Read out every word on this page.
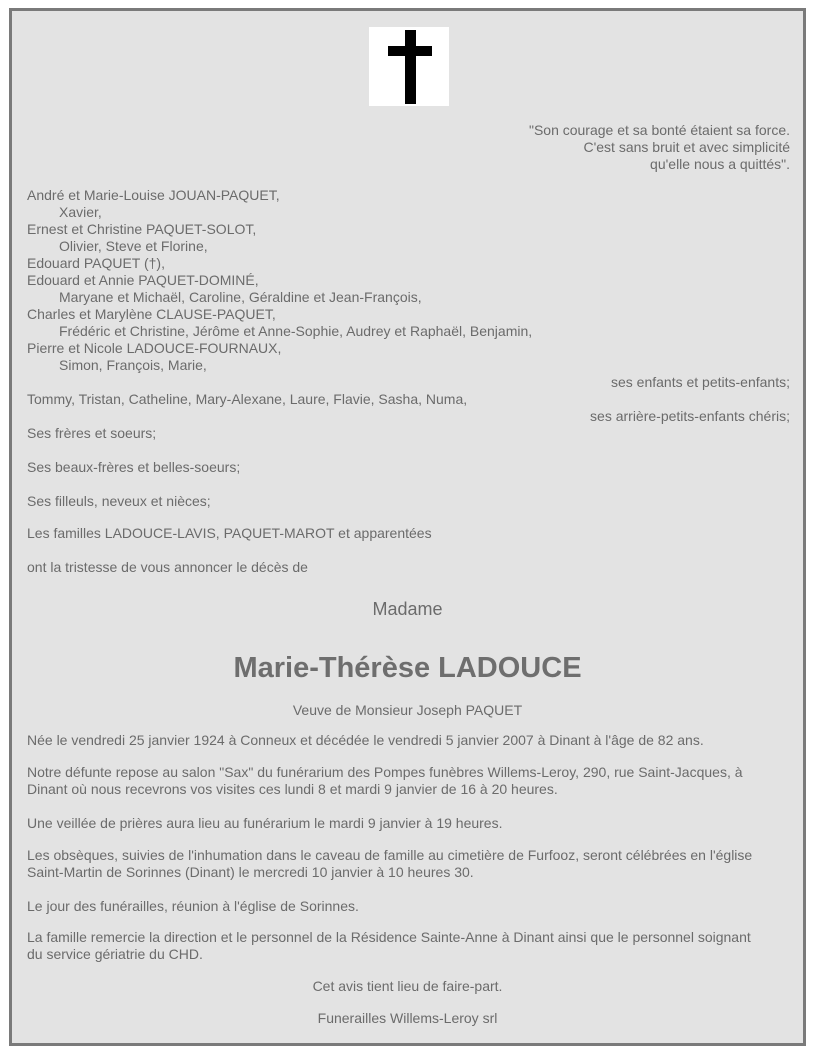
"Son courage et sa bonté étaient sa force.
C'est sans bruit et avec simplicité
qu'elle nous a quittés".
André et Marie-Louise JOUAN-PAQUET,
Xavier,
Ernest et Christine PAQUET-SOLOT,
Olivier, Steve et Florine,
Edouard PAQUET (†),
Edouard et Annie PAQUET-DOMINÉ,
Maryane et Michaël, Caroline, Géraldine et Jean-François,
Charles et Marylène CLAUSE-PAQUET,
Frédéric et Christine, Jérôme et Anne-Sophie, Audrey et Raphaël, Benjamin,
Pierre et Nicole LADOUCE-FOURNAUX,
Simon, François, Marie,
ses enfants et petits-enfants;
Tommy, Tristan, Catheline, Mary-Alexane, Laure, Flavie, Sasha, Numa,
ses arrière-petits-enfants chéris;
Ses frères et soeurs;
Ses beaux-frères et belles-soeurs;
Ses filleuls, neveux et nièces;
Les familles LADOUCE-LAVIS, PAQUET-MAROT et apparentées
ont la tristesse de vous annoncer le décès de
Madame
Marie-Thérèse LADOUCE
Veuve de Monsieur Joseph PAQUET
Née le vendredi 25 janvier 1924 à Conneux et décédée le vendredi 5 janvier 2007 à Dinant à l'âge de 82 ans.
Notre défunte repose au salon "Sax" du funérarium des Pompes funèbres Willems-Leroy, 290, rue Saint-Jacques, à
Dinant où nous recevrons vos visites ces lundi 8 et mardi 9 janvier de 16 à 20 heures.
Une veillée de prières aura lieu au funérarium le mardi 9 janvier à 19 heures.
Les obsèques, suivies de l'inhumation dans le caveau de famille au cimetière de Furfooz, seront célébrées en l'église
Saint-Martin de Sorinnes (Dinant) le mercredi 10 janvier à 10 heures 30.
Le jour des funérailles, réunion à l'église de Sorinnes.
La famille remercie la direction et le personnel de la Résidence Sainte-Anne à Dinant ainsi que le personnel soignant
du service gériatrie du CHD.
Cet avis tient lieu de faire-part.
Funerailles Willems-Leroy srl
